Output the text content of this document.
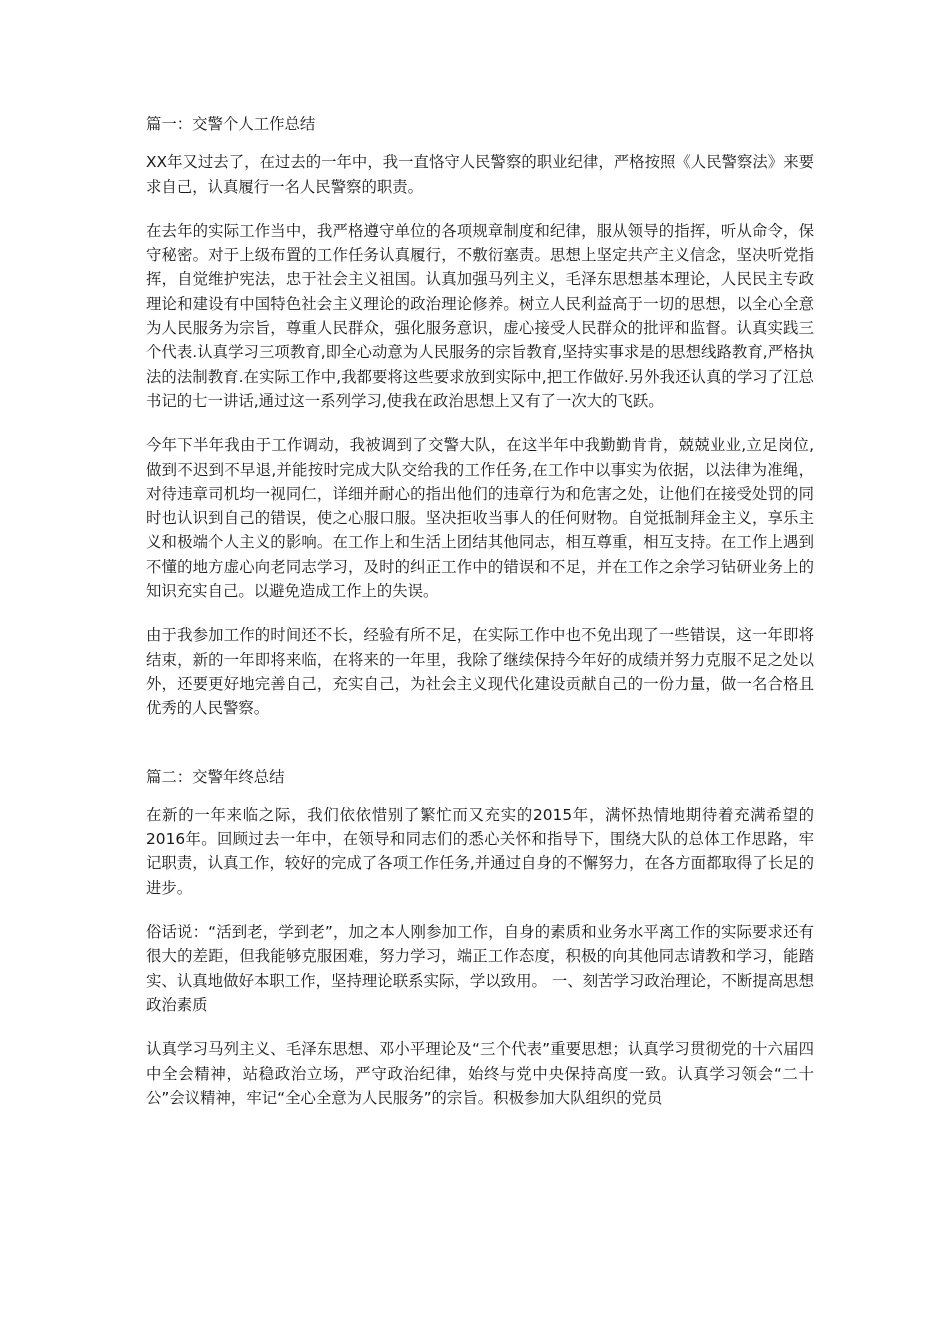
篇一：交警个人工作总结

XX年又过去了，在过去的一年中，我一直恪守人民警察的职业纪律，严格按照《人民警察法》来要求自己，认真履行一名人民警察的职责。

在去年的实际工作当中，我严格遵守单位的各项规章制度和纪律，服从领导的指挥，听从命令，保守秘密。对于上级布置的工作任务认真履行，不敷衍塞责。思想上坚定共产主义信念，坚决听党指挥，自觉维护宪法，忠于社会主义祖国。认真加强马列主义，毛泽东思想基本理论，人民民主专政理论和建设有中国特色社会主义理论的政治理论修养。树立人民利益高于一切的思想，以全心全意为人民服务为宗旨，尊重人民群众，强化服务意识，虚心接受人民群众的批评和监督。认真实践三个代表.认真学习三项教育,即全心动意为人民服务的宗旨教育,坚持实事求是的思想线路教育,严格执法的法制教育.在实际工作中,我都要将这些要求放到实际中,把工作做好.另外我还认真的学习了江总书记的七一讲话,通过这一系列学习,使我在政治思想上又有了一次大的飞跃。

今年下半年我由于工作调动，我被调到了交警大队，在这半年中我勤勤肯肯，兢兢业业,立足岗位,做到不迟到不早退,并能按时完成大队交给我的工作任务,在工作中以事实为依据，以法律为准绳，对待违章司机均一视同仁，详细并耐心的指出他们的违章行为和危害之处，让他们在接受处罚的同时也认识到自己的错误，使之心服口服。坚决拒收当事人的任何财物。自觉抵制拜金主义，享乐主义和极端个人主义的影响。在工作上和生活上团结其他同志，相互尊重，相互支持。在工作上遇到不懂的地方虚心向老同志学习，及时的纠正工作中的错误和不足，并在工作之余学习钻研业务上的知识充实自己。以避免造成工作上的失误。

由于我参加工作的时间还不长，经验有所不足，在实际工作中也不免出现了一些错误，这一年即将结束，新的一年即将来临，在将来的一年里，我除了继续保持今年好的成绩并努力克服不足之处以外，还要更好地完善自己，充实自己，为社会主义现代化建设贡献自己的一份力量，做一名合格且优秀的人民警察。

篇二：交警年终总结

在新的一年来临之际，我们依依惜别了繁忙而又充实的2015年，满怀热情地期待着充满希望的2016年。回顾过去一年中，在领导和同志们的悉心关怀和指导下，围绕大队的总体工作思路，牢记职责，认真工作，较好的完成了各项工作任务,并通过自身的不懈努力，在各方面都取得了长足的进步。

俗话说：“活到老，学到老”，加之本人刚参加工作，自身的素质和业务水平离工作的实际要求还有很大的差距，但我能够克服困难，努力学习，端正工作态度，积极的向其他同志请教和学习，能踏实、认真地做好本职工作，坚持理论联系实际，学以致用。 一、刻苦学习政治理论，不断提高思想政治素质

认真学习马列主义、毛泽东思想、邓小平理论及“三个代表”重要思想；认真学习贯彻党的十六届四中全会精神，站稳政治立场，严守政治纪律，始终与党中央保持高度一致。认真学习领会“二十公”会议精神，牢记“全心全意为人民服务”的宗旨。积极参加大队组织的党员
